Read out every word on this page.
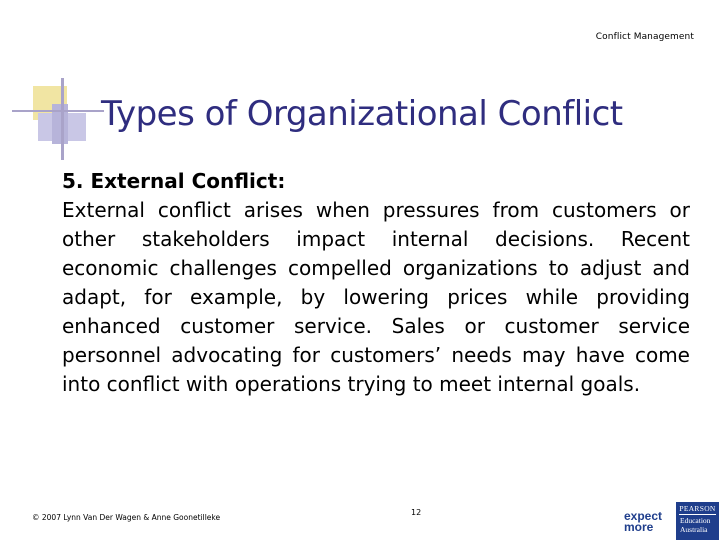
Conflict Management
Types of Organizational Conflict
5. External Conflict:
External conflict arises when pressures from customers or other stakeholders impact internal decisions. Recent economic challenges compelled organizations to adjust and adapt, for example, by lowering prices while providing enhanced customer service. Sales or customer service personnel advocating for customers’ needs may have come into conflict with operations trying to meet internal goals.
© 2007 Lynn Van Der Wagen & Anne Goonetilleke
12	expect
more
PEARSON
Education
Australia
